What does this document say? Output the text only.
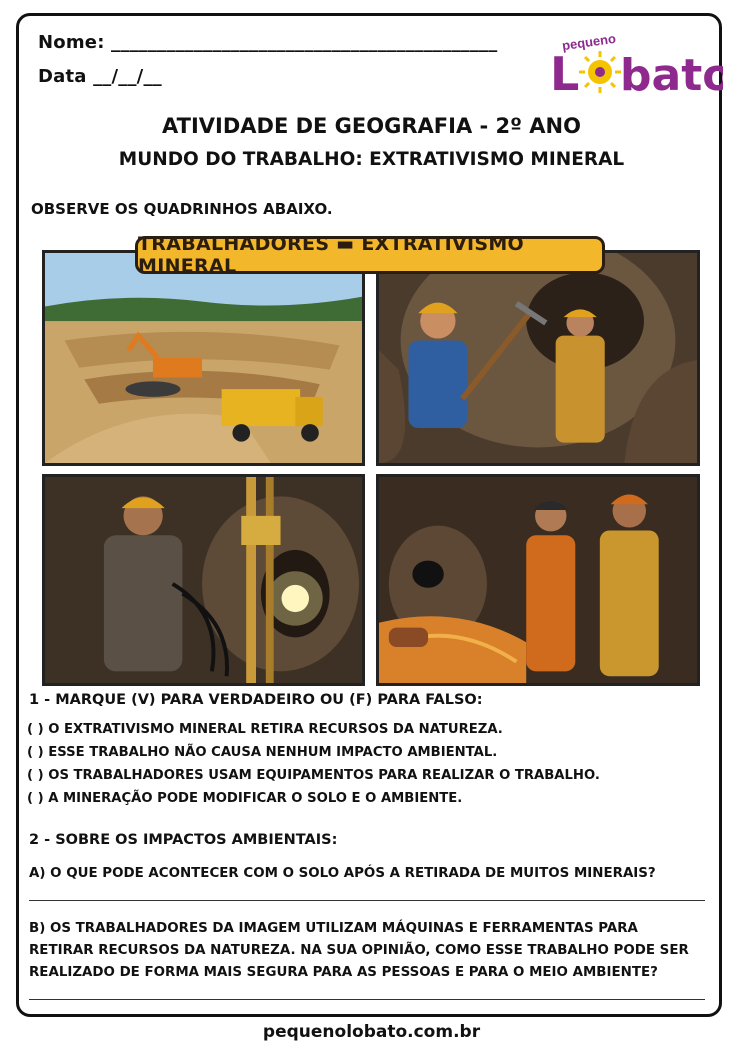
Nome: __________________________________________
Data __/__/__
pequeno
L bato
ATIVIDADE DE GEOGRAFIA - 2º ANO
MUNDO DO TRABALHO: EXTRATIVISMO MINERAL
OBSERVE OS QUADRINHOS ABAIXO.
TRABALHADORES ▬ EXTRATIVISMO MINERAL
1 - MARQUE (V) PARA VERDADEIRO OU (F) PARA FALSO:
( ) O EXTRATIVISMO MINERAL RETIRA RECURSOS DA NATUREZA.
( ) ESSE TRABALHO NÃO CAUSA NENHUM IMPACTO AMBIENTAL.
( ) OS TRABALHADORES USAM EQUIPAMENTOS PARA REALIZAR O TRABALHO.
( ) A MINERAÇÃO PODE MODIFICAR O SOLO E O AMBIENTE.
2 - SOBRE OS IMPACTOS AMBIENTAIS:
A) O QUE PODE ACONTECER COM O SOLO APÓS A RETIRADA DE MUITOS MINERAIS?
B) OS TRABALHADORES DA IMAGEM UTILIZAM MÁQUINAS E FERRAMENTAS PARA
RETIRAR RECURSOS DA NATUREZA. NA SUA OPINIÃO, COMO ESSE TRABALHO PODE SER
REALIZADO DE FORMA MAIS SEGURA PARA AS PESSOAS E PARA O MEIO AMBIENTE?
pequenolobato.com.br
